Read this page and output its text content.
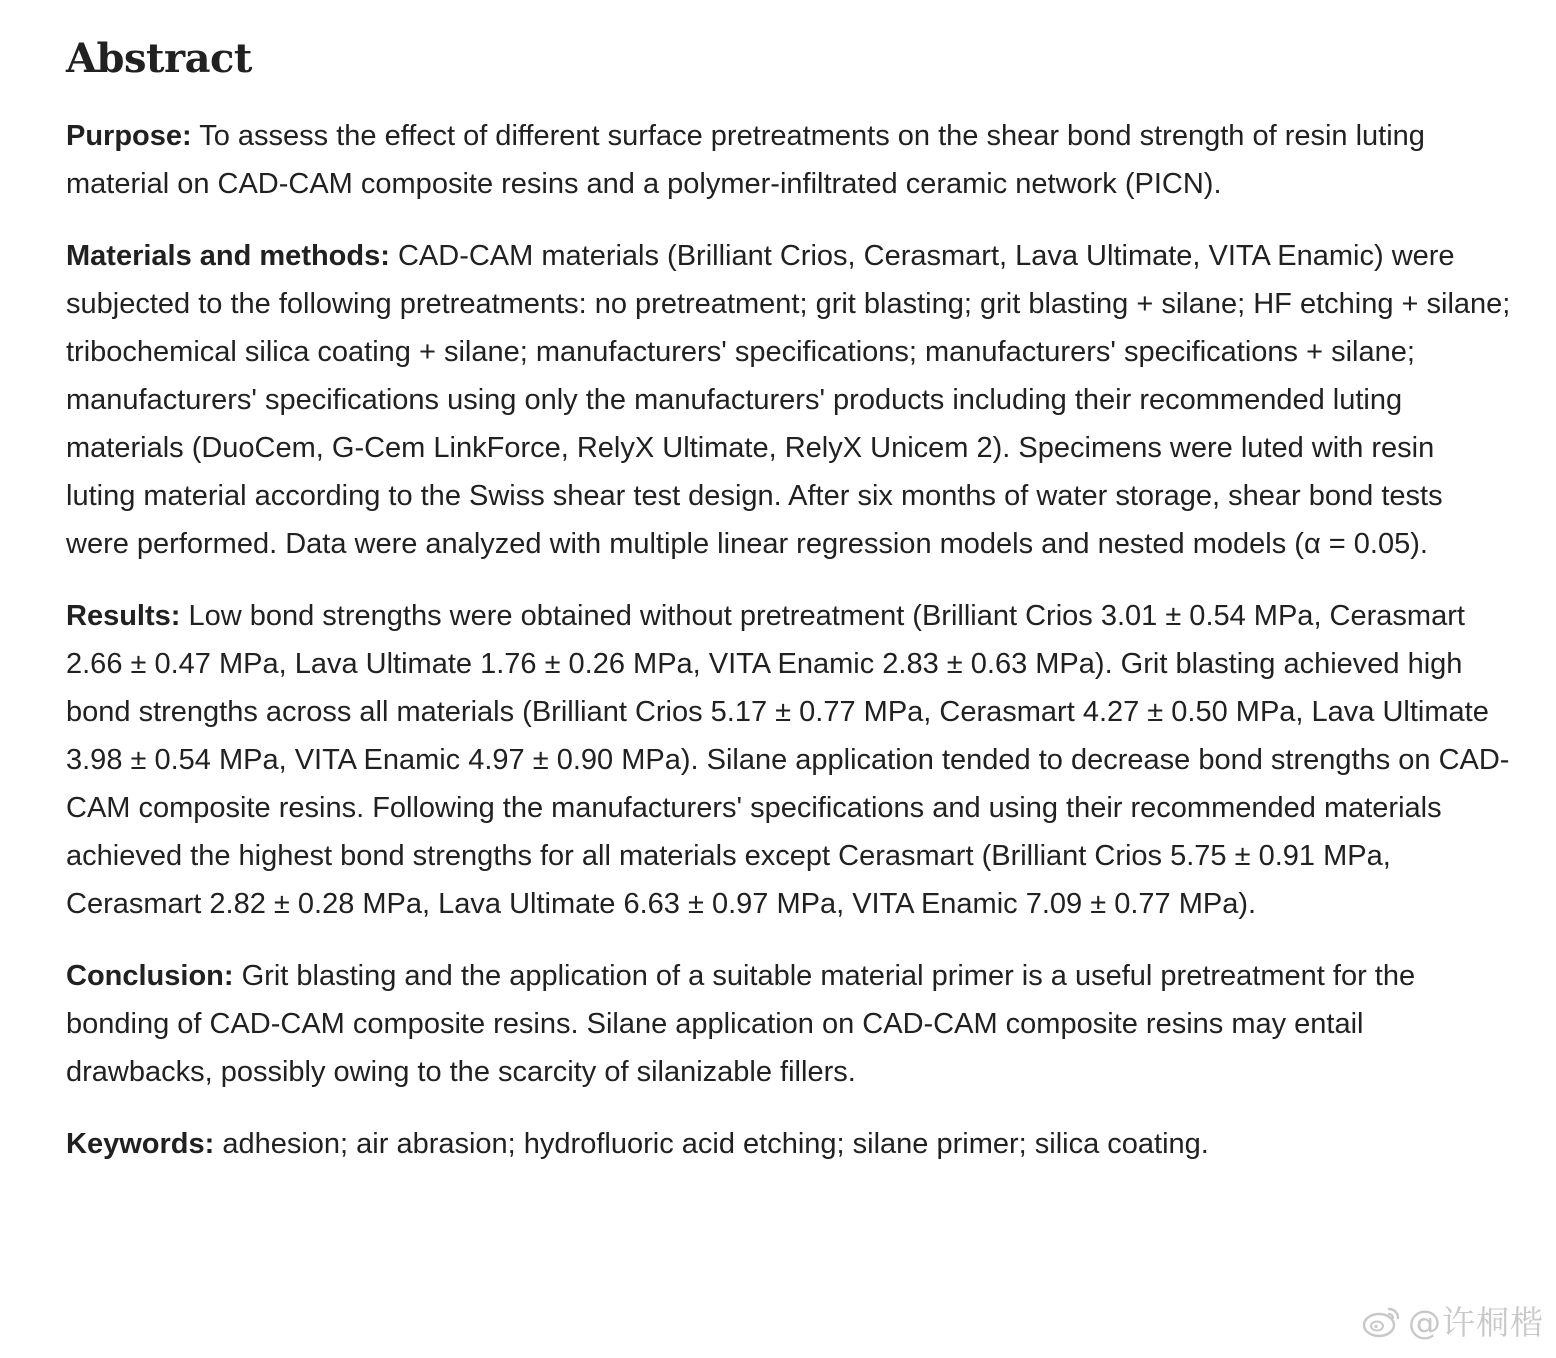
Abstract

Purpose: To assess the effect of different surface pretreatments on the shear bond strength of resin luting material on CAD-CAM composite resins and a polymer-infiltrated ceramic network (PICN).

Materials and methods: CAD-CAM materials (Brilliant Crios, Cerasmart, Lava Ultimate, VITA Enamic) were subjected to the following pretreatments: no pretreatment; grit blasting; grit blasting + silane; HF etching + silane; tribochemical silica coating + silane; manufacturers' specifications; manufacturers' specifications + silane; manufacturers' specifications using only the manufacturers' products including their recommended luting materials (DuoCem, G-Cem LinkForce, RelyX Ultimate, RelyX Unicem 2). Specimens were luted with resin luting material according to the Swiss shear test design. After six months of water storage, shear bond tests were performed. Data were analyzed with multiple linear regression models and nested models (α = 0.05).

Results: Low bond strengths were obtained without pretreatment (Brilliant Crios 3.01 ± 0.54 MPa, Cerasmart 2.66 ± 0.47 MPa, Lava Ultimate 1.76 ± 0.26 MPa, VITA Enamic 2.83 ± 0.63 MPa). Grit blasting achieved high bond strengths across all materials (Brilliant Crios 5.17 ± 0.77 MPa, Cerasmart 4.27 ± 0.50 MPa, Lava Ultimate 3.98 ± 0.54 MPa, VITA Enamic 4.97 ± 0.90 MPa). Silane application tended to decrease bond strengths on CAD-CAM composite resins. Following the manufacturers' specifications and using their recommended materials achieved the highest bond strengths for all materials except Cerasmart (Brilliant Crios 5.75 ± 0.91 MPa, Cerasmart 2.82 ± 0.28 MPa, Lava Ultimate 6.63 ± 0.97 MPa, VITA Enamic 7.09 ± 0.77 MPa).

Conclusion: Grit blasting and the application of a suitable material primer is a useful pretreatment for the bonding of CAD-CAM composite resins. Silane application on CAD-CAM composite resins may entail drawbacks, possibly owing to the scarcity of silanizable fillers.

Keywords: adhesion; air abrasion; hydrofluoric acid etching; silane primer; silica coating.

@许桐楷
